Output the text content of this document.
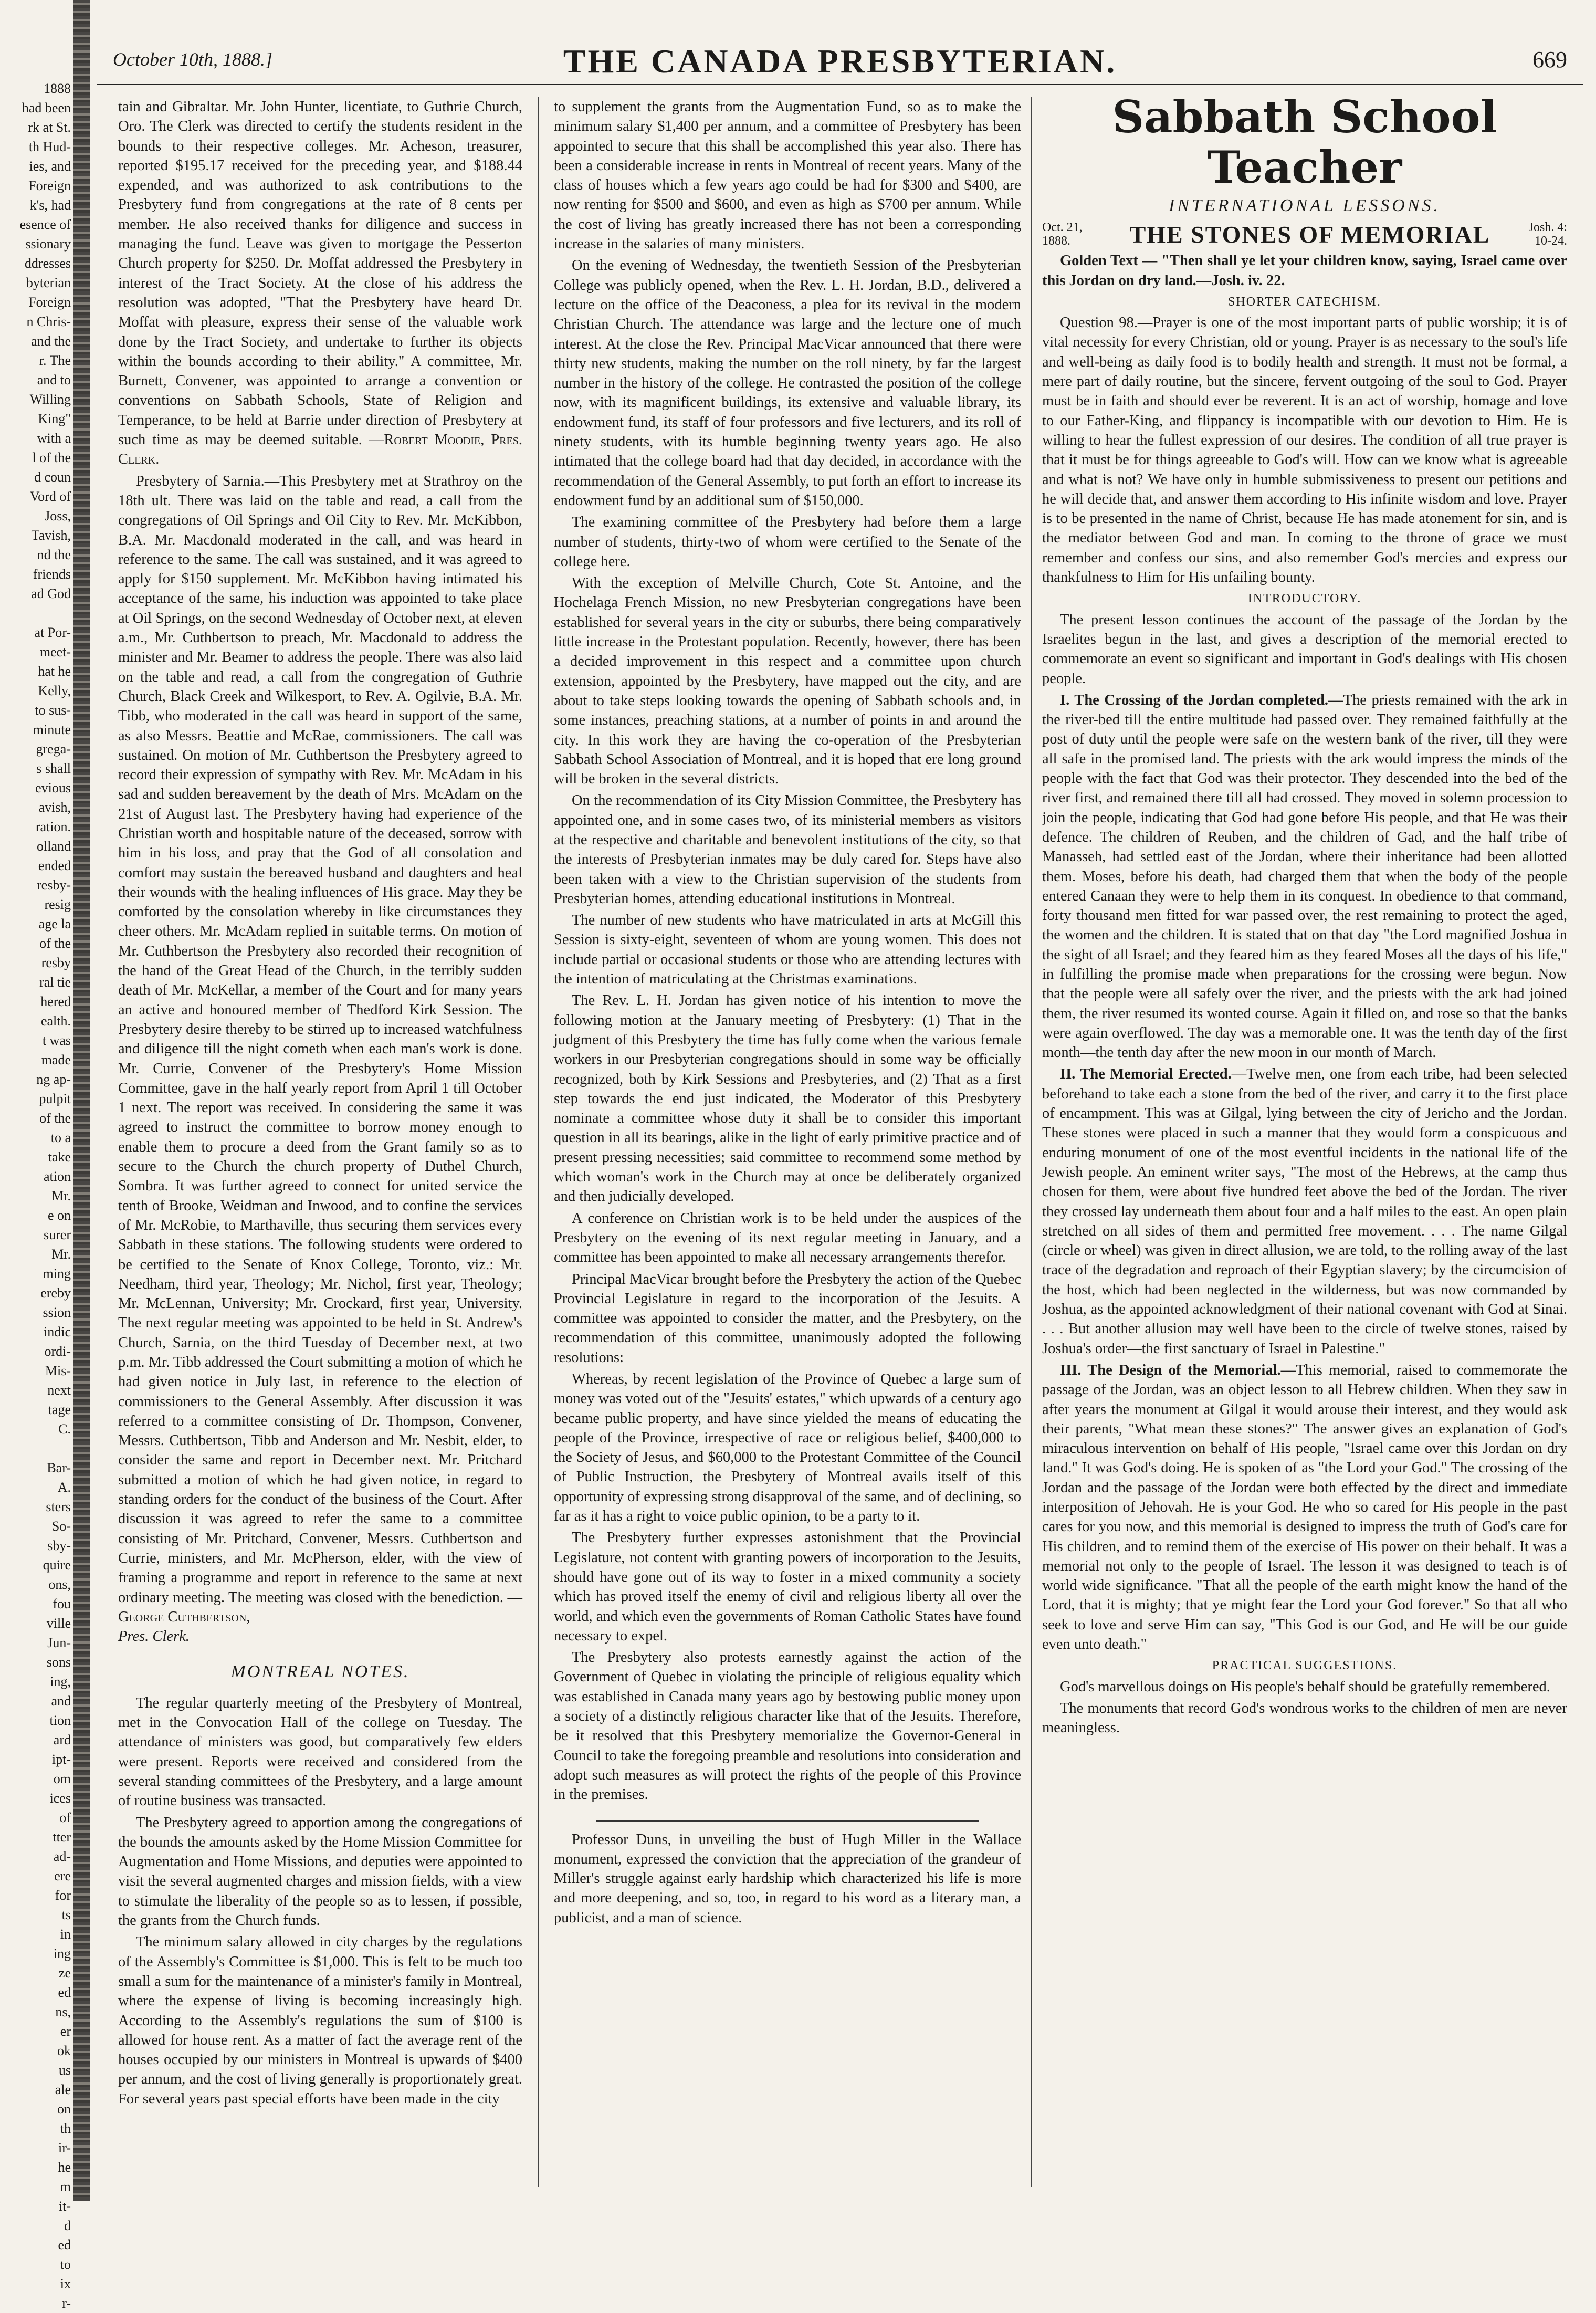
1888
had been
rk at St.
th Hud-
ies, and
Foreign
k's, had
esence of
ssionary
ddresses
byterian
Foreign
n Chris-
and the
r. The
and to
Willing
King"
with a
l of the
d coun
Vord of
Joss,
Tavish,
nd the
friends
ad God

at Por-
meet-
hat he
Kelly,
to sus-
minute
grega-
s shall
evious
avish,
ration.
olland
ended
resby-
resig
age la
of the
resby
ral tie
hered
ealth.
t was
made
ng ap-
pulpit
of the
to a
take
ation
Mr.
e on
surer
Mr.
ming
ereby
ssion
indic
ordi-
Mis-
next
tage
C.

Bar-
A.
sters
So-
sby-
quire
ons,
fou
ville
Jun-
sons
ing,
and
tion
ard
ipt-
om
ices
of
tter
ad-
ere
for
ts
in
ing
ze
ed
ns,
er
ok
us
ale
on
th
ir-
he
m
it-
d
ed
to
ix
r-
October 10th, 1888.]	THE CANADA PRESBYTERIAN.	669

tain and Gibraltar. Mr. John Hunter, licentiate, to Guthrie Church, Oro. The Clerk was directed to certify the students resident in the bounds to their respective colleges. Mr. Acheson, treasurer, reported $195.17 received for the preceding year, and $188.44 expended, and was authorized to ask contributions to the Presbytery fund from congregations at the rate of 8 cents per member. He also received thanks for diligence and success in managing the fund. Leave was given to mortgage the Pesserton Church property for $250. Dr. Moffat addressed the Presbytery in interest of the Tract Society. At the close of his address the resolution was adopted, "That the Presbytery have heard Dr. Moffat with pleasure, express their sense of the valuable work done by the Tract Society, and undertake to further its objects within the bounds according to their ability." A committee, Mr. Burnett, Convener, was appointed to arrange a convention or conventions on Sabbath Schools, State of Religion and Temperance, to be held at Barrie under direction of Presbytery at such time as may be deemed suitable. —Robert Moodie, Pres. Clerk.

Presbytery of Sarnia.—This Presbytery met at Strathroy on the 18th ult. There was laid on the table and read, a call from the congregations of Oil Springs and Oil City to Rev. Mr. McKibbon, B.A. Mr. Macdonald moderated in the call, and was heard in reference to the same. The call was sustained, and it was agreed to apply for $150 supplement. Mr. McKibbon having intimated his acceptance of the same, his induction was appointed to take place at Oil Springs, on the second Wednesday of October next, at eleven a.m., Mr. Cuthbertson to preach, Mr. Macdonald to address the minister and Mr. Beamer to address the people. There was also laid on the table and read, a call from the congregation of Guthrie Church, Black Creek and Wilkesport, to Rev. A. Ogilvie, B.A. Mr. Tibb, who moderated in the call was heard in support of the same, as also Messrs. Beattie and McRae, commissioners. The call was sustained. On motion of Mr. Cuthbertson the Presbytery agreed to record their expression of sympathy with Rev. Mr. McAdam in his sad and sudden bereavement by the death of Mrs. McAdam on the 21st of August last. The Presbytery having had experience of the Christian worth and hospitable nature of the deceased, sorrow with him in his loss, and pray that the God of all consolation and comfort may sustain the bereaved husband and daughters and heal their wounds with the healing influences of His grace. May they be comforted by the consolation whereby in like circumstances they cheer others. Mr. McAdam replied in suitable terms. On motion of Mr. Cuthbertson the Presbytery also recorded their recognition of the hand of the Great Head of the Church, in the terribly sudden death of Mr. McKellar, a member of the Court and for many years an active and honoured member of Thedford Kirk Session. The Presbytery desire thereby to be stirred up to increased watchfulness and diligence till the night cometh when each man's work is done. Mr. Currie, Convener of the Presbytery's Home Mission Committee, gave in the half yearly report from April 1 till October 1 next. The report was received. In considering the same it was agreed to instruct the committee to borrow money enough to enable them to procure a deed from the Grant family so as to secure to the Church the church property of Duthel Church, Sombra. It was further agreed to connect for united service the tenth of Brooke, Weidman and Inwood, and to confine the services of Mr. McRobie, to Marthaville, thus securing them services every Sabbath in these stations. The following students were ordered to be certified to the Senate of Knox College, Toronto, viz.: Mr. Needham, third year, Theology; Mr. Nichol, first year, Theology; Mr. McLennan, University; Mr. Crockard, first year, University. The next regular meeting was appointed to be held in St. Andrew's Church, Sarnia, on the third Tuesday of December next, at two p.m. Mr. Tibb addressed the Court submitting a motion of which he had given notice in July last, in reference to the election of commissioners to the General Assembly. After discussion it was referred to a committee consisting of Dr. Thompson, Convener, Messrs. Cuthbertson, Tibb and Anderson and Mr. Nesbit, elder, to consider the same and report in December next. Mr. Pritchard submitted a motion of which he had given notice, in regard to standing orders for the conduct of the business of the Court. After discussion it was agreed to refer the same to a committee consisting of Mr. Pritchard, Convener, Messrs. Cuthbertson and Currie, ministers, and Mr. McPherson, elder, with the view of framing a programme and report in reference to the same at next ordinary meeting. The meeting was closed with the benediction. —George Cuthbertson,
Pres. Clerk.

MONTREAL NOTES.

The regular quarterly meeting of the Presbytery of Montreal, met in the Convocation Hall of the college on Tuesday. The attendance of ministers was good, but comparatively few elders were present. Reports were received and considered from the several standing committees of the Presbytery, and a large amount of routine business was transacted.

The Presbytery agreed to apportion among the congregations of the bounds the amounts asked by the Home Mission Committee for Augmentation and Home Missions, and deputies were appointed to visit the several augmented charges and mission fields, with a view to stimulate the liberality of the people so as to lessen, if possible, the grants from the Church funds.

The minimum salary allowed in city charges by the regulations of the Assembly's Committee is $1,000. This is felt to be much too small a sum for the maintenance of a minister's family in Montreal, where the expense of living is becoming increasingly high. According to the Assembly's regulations the sum of $100 is allowed for house rent. As a matter of fact the average rent of the houses occupied by our ministers in Montreal is upwards of $400 per annum, and the cost of living generally is proportionately great. For several years past special efforts have been made in the city

to supplement the grants from the Augmentation Fund, so as to make the minimum salary $1,400 per annum, and a committee of Presbytery has been appointed to secure that this shall be accomplished this year also. There has been a considerable increase in rents in Montreal of recent years. Many of the class of houses which a few years ago could be had for $300 and $400, are now renting for $500 and $600, and even as high as $700 per annum. While the cost of living has greatly increased there has not been a corresponding increase in the salaries of many ministers.

On the evening of Wednesday, the twentieth Session of the Presbyterian College was publicly opened, when the Rev. L. H. Jordan, B.D., delivered a lecture on the office of the Deaconess, a plea for its revival in the modern Christian Church. The attendance was large and the lecture one of much interest. At the close the Rev. Principal MacVicar announced that there were thirty new students, making the number on the roll ninety, by far the largest number in the history of the college. He contrasted the position of the college now, with its magnificent buildings, its extensive and valuable library, its endowment fund, its staff of four professors and five lecturers, and its roll of ninety students, with its humble beginning twenty years ago. He also intimated that the college board had that day decided, in accordance with the recommendation of the General Assembly, to put forth an effort to increase its endowment fund by an additional sum of $150,000.

The examining committee of the Presbytery had before them a large number of students, thirty-two of whom were certified to the Senate of the college here.

With the exception of Melville Church, Cote St. Antoine, and the Hochelaga French Mission, no new Presbyterian congregations have been established for several years in the city or suburbs, there being comparatively little increase in the Protestant population. Recently, however, there has been a decided improvement in this respect and a committee upon church extension, appointed by the Presbytery, have mapped out the city, and are about to take steps looking towards the opening of Sabbath schools and, in some instances, preaching stations, at a number of points in and around the city. In this work they are having the co-operation of the Presbyterian Sabbath School Association of Montreal, and it is hoped that ere long ground will be broken in the several districts.

On the recommendation of its City Mission Committee, the Presbytery has appointed one, and in some cases two, of its ministerial members as visitors at the respective and charitable and benevolent institutions of the city, so that the interests of Presbyterian inmates may be duly cared for. Steps have also been taken with a view to the Christian supervision of the students from Presbyterian homes, attending educational institutions in Montreal.

The number of new students who have matriculated in arts at McGill this Session is sixty-eight, seventeen of whom are young women. This does not include partial or occasional students or those who are attending lectures with the intention of matriculating at the Christmas examinations.

The Rev. L. H. Jordan has given notice of his intention to move the following motion at the January meeting of Presbytery: (1) That in the judgment of this Presbytery the time has fully come when the various female workers in our Presbyterian congregations should in some way be officially recognized, both by Kirk Sessions and Presbyteries, and (2) That as a first step towards the end just indicated, the Moderator of this Presbytery nominate a committee whose duty it shall be to consider this important question in all its bearings, alike in the light of early primitive practice and of present pressing necessities; said committee to recommend some method by which woman's work in the Church may at once be deliberately organized and then judicially developed.

A conference on Christian work is to be held under the auspices of the Presbytery on the evening of its next regular meeting in January, and a committee has been appointed to make all necessary arrangements therefor.

Principal MacVicar brought before the Presbytery the action of the Quebec Provincial Legislature in regard to the incorporation of the Jesuits. A committee was appointed to consider the matter, and the Presbytery, on the recommendation of this committee, unanimously adopted the following resolutions:

Whereas, by recent legislation of the Province of Quebec a large sum of money was voted out of the "Jesuits' estates," which upwards of a century ago became public property, and have since yielded the means of educating the people of the Province, irrespective of race or religious belief, $400,000 to the Society of Jesus, and $60,000 to the Protestant Committee of the Council of Public Instruction, the Presbytery of Montreal avails itself of this opportunity of expressing strong disapproval of the same, and of declining, so far as it has a right to voice public opinion, to be a party to it.

The Presbytery further expresses astonishment that the Provincial Legislature, not content with granting powers of incorporation to the Jesuits, should have gone out of its way to foster in a mixed community a society which has proved itself the enemy of civil and religious liberty all over the world, and which even the governments of Roman Catholic States have found necessary to expel.

The Presbytery also protests earnestly against the action of the Government of Quebec in violating the principle of religious equality which was established in Canada many years ago by bestowing public money upon a society of a distinctly religious character like that of the Jesuits. Therefore, be it resolved that this Presbytery memorialize the Governor-General in Council to take the foregoing preamble and resolutions into consideration and adopt such measures as will protect the rights of the people of this Province in the premises.

Professor Duns, in unveiling the bust of Hugh Miller in the Wallace monument, expressed the conviction that the appreciation of the grandeur of Miller's struggle against early hardship which characterized his life is more and more deepening, and so, too, in regard to his word as a literary man, a publicist, and a man of science.

Sabbath School Teacher
INTERNATIONAL LESSONS.
Oct. 21,
1888.	THE STONES OF MEMORIAL	Josh. 4:
10-24.

Golden Text — "Then shall ye let your children know, saying, Israel came over this Jordan on dry land.—Josh. iv. 22.

SHORTER CATECHISM.

Question 98.—Prayer is one of the most important parts of public worship; it is of vital necessity for every Christian, old or young. Prayer is as necessary to the soul's life and well-being as daily food is to bodily health and strength. It must not be formal, a mere part of daily routine, but the sincere, fervent outgoing of the soul to God. Prayer must be in faith and should ever be reverent. It is an act of worship, homage and love to our Father-King, and flippancy is incompatible with our devotion to Him. He is willing to hear the fullest expression of our desires. The condition of all true prayer is that it must be for things agreeable to God's will. How can we know what is agreeable and what is not? We have only in humble submissiveness to present our petitions and he will decide that, and answer them according to His infinite wisdom and love. Prayer is to be presented in the name of Christ, because He has made atonement for sin, and is the mediator between God and man. In coming to the throne of grace we must remember and confess our sins, and also remember God's mercies and express our thankfulness to Him for His unfailing bounty.

INTRODUCTORY.

The present lesson continues the account of the passage of the Jordan by the Israelites begun in the last, and gives a description of the memorial erected to commemorate an event so significant and important in God's dealings with His chosen people.

I. The Crossing of the Jordan completed.—The priests remained with the ark in the river-bed till the entire multitude had passed over. They remained faithfully at the post of duty until the people were safe on the western bank of the river, till they were all safe in the promised land. The priests with the ark would impress the minds of the people with the fact that God was their protector. They descended into the bed of the river first, and remained there till all had crossed. They moved in solemn procession to join the people, indicating that God had gone before His people, and that He was their defence. The children of Reuben, and the children of Gad, and the half tribe of Manasseh, had settled east of the Jordan, where their inheritance had been allotted them. Moses, before his death, had charged them that when the body of the people entered Canaan they were to help them in its conquest. In obedience to that command, forty thousand men fitted for war passed over, the rest remaining to protect the aged, the women and the children. It is stated that on that day "the Lord magnified Joshua in the sight of all Israel; and they feared him as they feared Moses all the days of his life," in fulfilling the promise made when preparations for the crossing were begun. Now that the people were all safely over the river, and the priests with the ark had joined them, the river resumed its wonted course. Again it filled on, and rose so that the banks were again overflowed. The day was a memorable one. It was the tenth day of the first month—the tenth day after the new moon in our month of March.

II. The Memorial Erected.—Twelve men, one from each tribe, had been selected beforehand to take each a stone from the bed of the river, and carry it to the first place of encampment. This was at Gilgal, lying between the city of Jericho and the Jordan. These stones were placed in such a manner that they would form a conspicuous and enduring monument of one of the most eventful incidents in the national life of the Jewish people. An eminent writer says, "The most of the Hebrews, at the camp thus chosen for them, were about five hundred feet above the bed of the Jordan. The river they crossed lay underneath them about four and a half miles to the east. An open plain stretched on all sides of them and permitted free movement. . . . The name Gilgal (circle or wheel) was given in direct allusion, we are told, to the rolling away of the last trace of the degradation and reproach of their Egyptian slavery; by the circumcision of the host, which had been neglected in the wilderness, but was now commanded by Joshua, as the appointed acknowledgment of their national covenant with God at Sinai. . . . But another allusion may well have been to the circle of twelve stones, raised by Joshua's order—the first sanctuary of Israel in Palestine."

III. The Design of the Memorial.—This memorial, raised to commemorate the passage of the Jordan, was an object lesson to all Hebrew children. When they saw in after years the monument at Gilgal it would arouse their interest, and they would ask their parents, "What mean these stones?" The answer gives an explanation of God's miraculous intervention on behalf of His people, "Israel came over this Jordan on dry land." It was God's doing. He is spoken of as "the Lord your God." The crossing of the Jordan and the passage of the Jordan were both effected by the direct and immediate interposition of Jehovah. He is your God. He who so cared for His people in the past cares for you now, and this memorial is designed to impress the truth of God's care for His children, and to remind them of the exercise of His power on their behalf. It was a memorial not only to the people of Israel. The lesson it was designed to teach is of world wide significance. "That all the people of the earth might know the hand of the Lord, that it is mighty; that ye might fear the Lord your God forever." So that all who seek to love and serve Him can say, "This God is our God, and He will be our guide even unto death."

PRACTICAL SUGGESTIONS.

God's marvellous doings on His people's behalf should be gratefully remembered.

The monuments that record God's wondrous works to the children of men are never meaningless.
